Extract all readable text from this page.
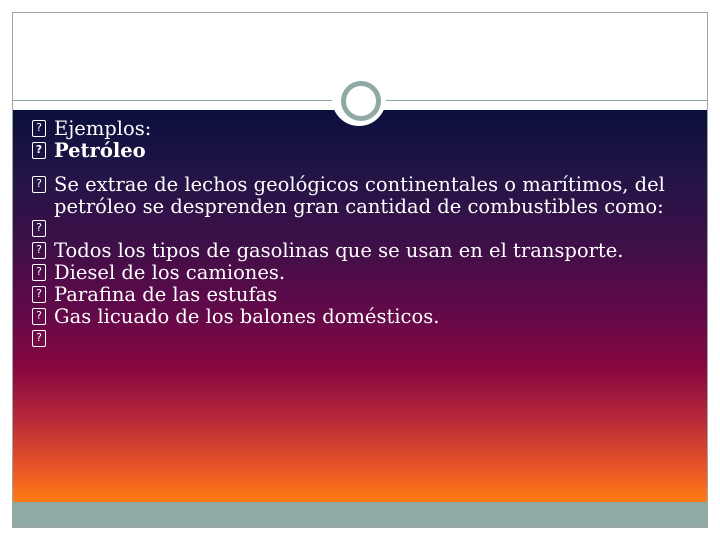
? Ejemplos:
? Petróleo
? Se extrae de lechos geológicos continentales o marítimos, del petróleo se desprenden gran cantidad de combustibles como:
?
? Todos los tipos de gasolinas que se usan en el transporte.
? Diesel de los camiones.
? Parafina de las estufas
? Gas licuado de los balones domésticos.
?
